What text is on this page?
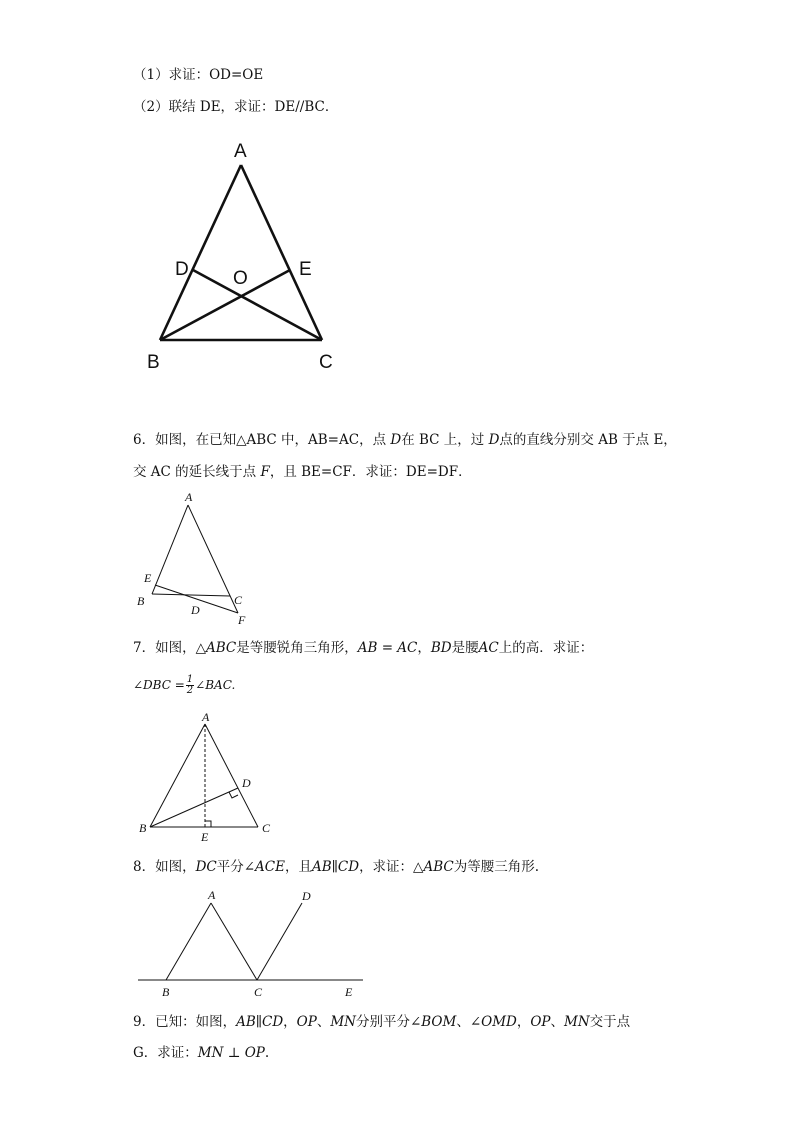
（1）求证：OD=OE
（2）联结 DE，求证：DE//BC．
A
B	C
D	E
O
A
B	C
D
E
F
A
B	C
D
E
A
B	C
D
E
6．如图，在已知△ABC 中，AB=AC，点 D在 BC 上，过 D点的直线分别交 AB 于点 E，
交 AC 的延长线于点 F，且 BE=CF．求证：DE=DF．
7．如图，△ABC是等腰锐角三角形，AB = AC，BD是腰AC上的高．求证：
∠DBC = $\frac{1}{2}$ ∠BAC.
8．如图，DC平分∠ACE，且AB∥CD，求证：△ABC为等腰三角形.
9．已知：如图，AB∥CD，OP、MN分别平分∠BOM、∠OMD，OP、MN交于点
G．求证：MN ⊥ OP.
